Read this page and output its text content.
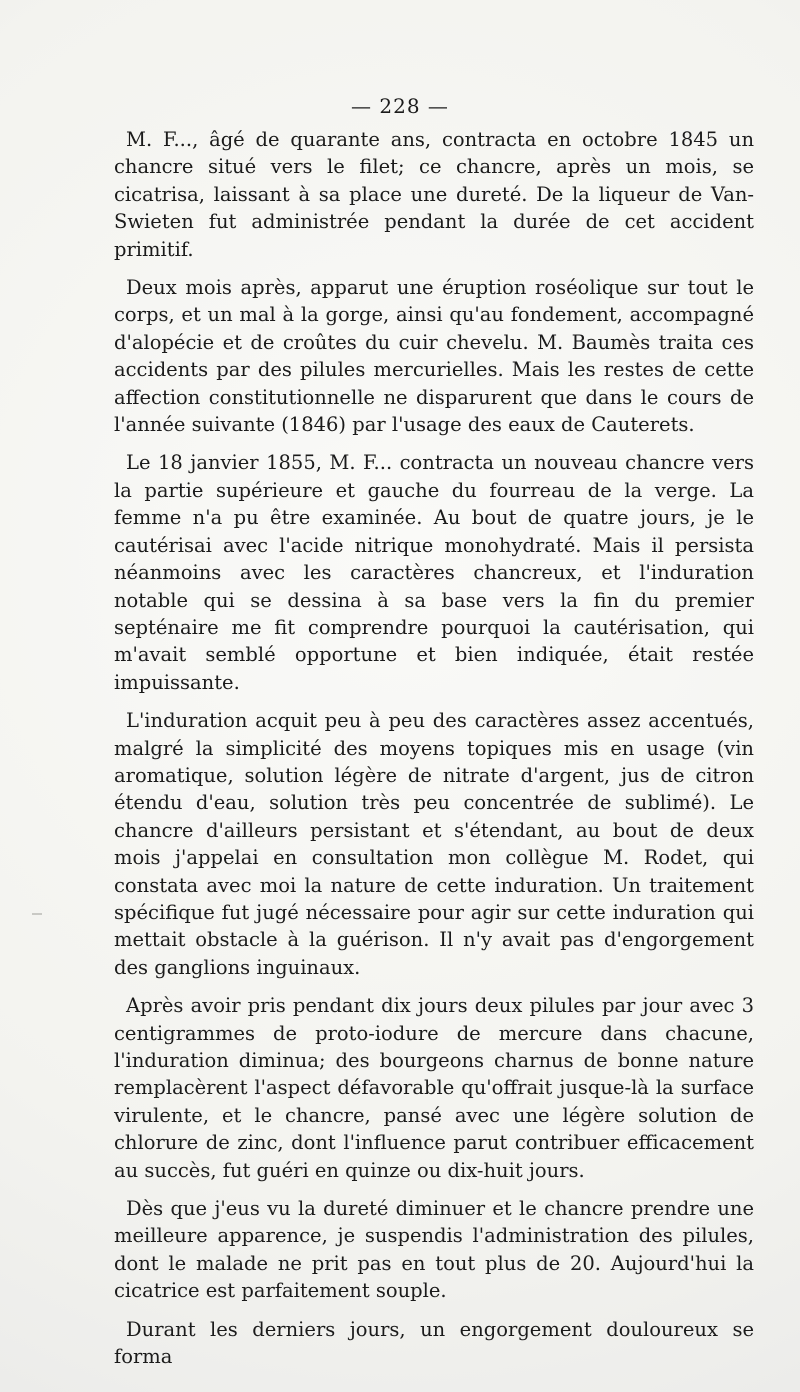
— 228 —

M. F..., âgé de quarante ans, contracta en octobre 1845 un chancre situé vers le filet; ce chancre, après un mois, se cicatrisa, laissant à sa place une dureté. De la liqueur de Van-Swieten fut administrée pendant la durée de cet accident primitif.

Deux mois après, apparut une éruption roséolique sur tout le corps, et un mal à la gorge, ainsi qu'au fondement, accompagné d'alopécie et de croûtes du cuir chevelu. M. Baumès traita ces accidents par des pilules mercurielles. Mais les restes de cette affection constitutionnelle ne disparurent que dans le cours de l'année suivante (1846) par l'usage des eaux de Cauterets.

Le 18 janvier 1855, M. F... contracta un nouveau chancre vers la partie supérieure et gauche du fourreau de la verge. La femme n'a pu être examinée. Au bout de quatre jours, je le cautérisai avec l'acide nitrique monohydraté. Mais il persista néanmoins avec les caractères chancreux, et l'induration notable qui se dessina à sa base vers la fin du premier septénaire me fit comprendre pourquoi la cautérisation, qui m'avait semblé opportune et bien indiquée, était restée impuissante.

L'induration acquit peu à peu des caractères assez accentués, malgré la simplicité des moyens topiques mis en usage (vin aromatique, solution légère de nitrate d'argent, jus de citron étendu d'eau, solution très peu concentrée de sublimé). Le chancre d'ailleurs persistant et s'étendant, au bout de deux mois j'appelai en consultation mon collègue M. Rodet, qui constata avec moi la nature de cette induration. Un traitement spécifique fut jugé nécessaire pour agir sur cette induration qui mettait obstacle à la guérison. Il n'y avait pas d'engorgement des ganglions inguinaux.

Après avoir pris pendant dix jours deux pilules par jour avec 3 centigrammes de proto-iodure de mercure dans chacune, l'induration diminua; des bourgeons charnus de bonne nature remplacèrent l'aspect défavorable qu'offrait jusque-là la surface virulente, et le chancre, pansé avec une légère solution de chlorure de zinc, dont l'influence parut contribuer efficacement au succès, fut guéri en quinze ou dix-huit jours.

Dès que j'eus vu la dureté diminuer et le chancre prendre une meilleure apparence, je suspendis l'administration des pilules, dont le malade ne prit pas en tout plus de 20. Aujourd'hui la cicatrice est parfaitement souple.

Durant les derniers jours, un engorgement douloureux se forma
